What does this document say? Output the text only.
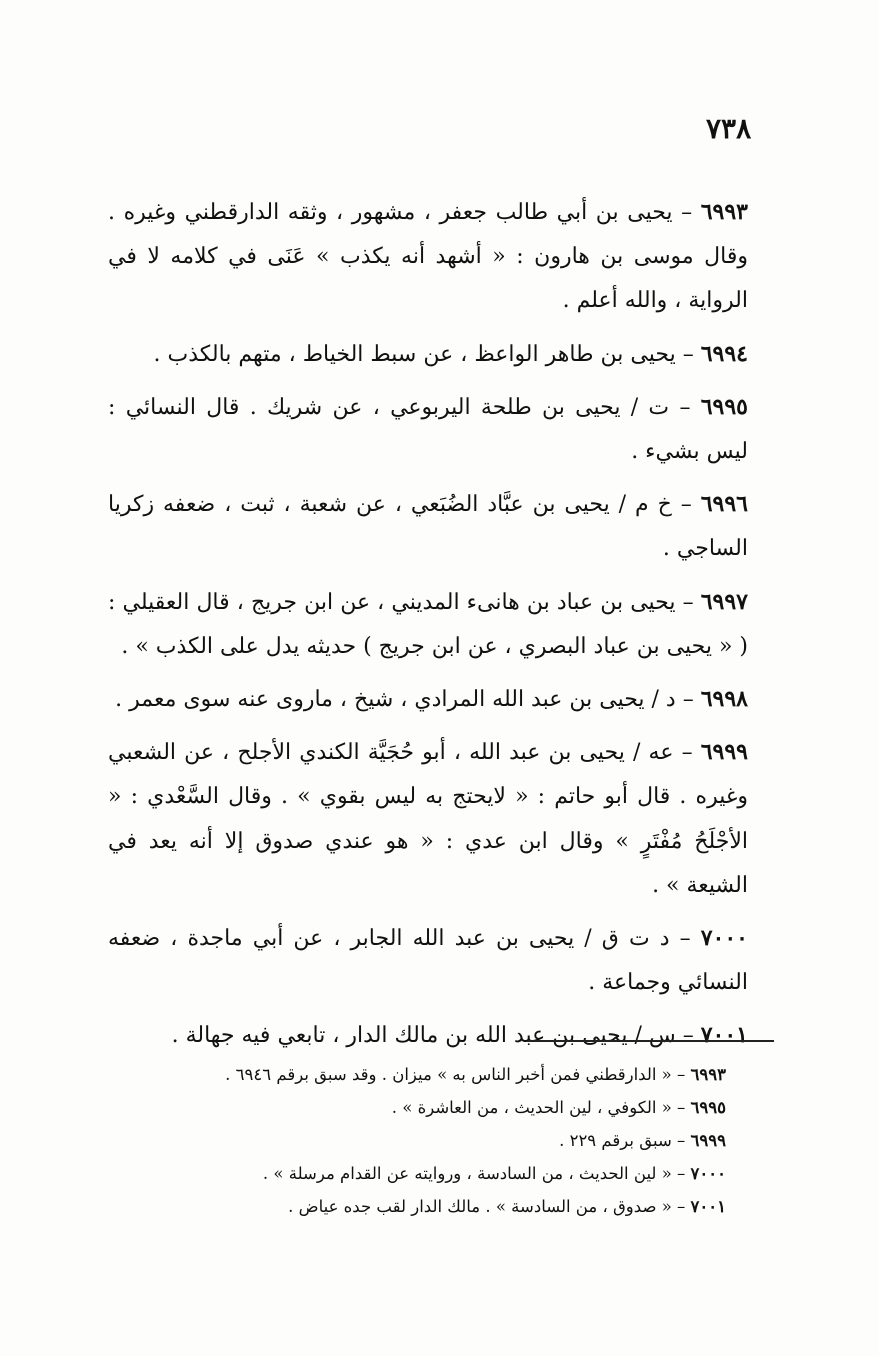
٧٣٨

٦٩٩٣ – يحيى بن أبي طالب جعفر ، مشهور ، وثقه الدارقطني وغيره . وقال موسى بن هارون : « أشهد أنه يكذب » عَنَى في كلامه لا في الرواية ، والله أعلم .

٦٩٩٤ – يحيى بن طاهر الواعظ ، عن سبط الخياط ، متهم بالكذب .

٦٩٩٥ – ت / يحيى بن طلحة اليربوعي ، عن شريك . قال النسائي : ليس بشيء .

٦٩٩٦ – خ م / يحيى بن عبَّاد الضُبَعي ، عن شعبة ، ثبت ، ضعفه زكريا الساجي .

٦٩٩٧ – يحيى بن عباد بن هانىء المديني ، عن ابن جريج ، قال العقيلي : ( « يحيى بن عباد البصري ، عن ابن جريج ) حديثه يدل على الكذب » .

٦٩٩٨ – د / يحيى بن عبد الله المرادي ، شيخ ، ماروى عنه سوى معمر .

٦٩٩٩ – عه / يحيى بن عبد الله ، أبو حُجَيَّة الكندي الأجلح ، عن الشعبي وغيره . قال أبو حاتم : « لايحتج به ليس بقوي » . وقال السَّعْدي : « الأجْلَحُ مُفْتَرٍ » وقال ابن عدي : « هو عندي صدوق إلا أنه يعد في الشيعة » .

٧٠٠٠ – د ت ق / يحيى بن عبد الله الجابر ، عن أبي ماجدة ، ضعفه النسائي وجماعة .

٧٠٠١ – س / يحيى بن عبد الله بن مالك الدار ، تابعي فيه جهالة .

٦٩٩٣ – « الدارقطني فمن أخبر الناس به » ميزان . وقد سبق برقم ٦٩٤٦ .

٦٩٩٥ – « الكوفي ، لين الحديث ، من العاشرة » .

٦٩٩٩ – سبق برقم ٢٢٩ .

٧٠٠٠ – « لين الحديث ، من السادسة ، وروايته عن القدام مرسلة » .

٧٠٠١ – « صدوق ، من السادسة » . مالك الدار لقب جده عياض .
